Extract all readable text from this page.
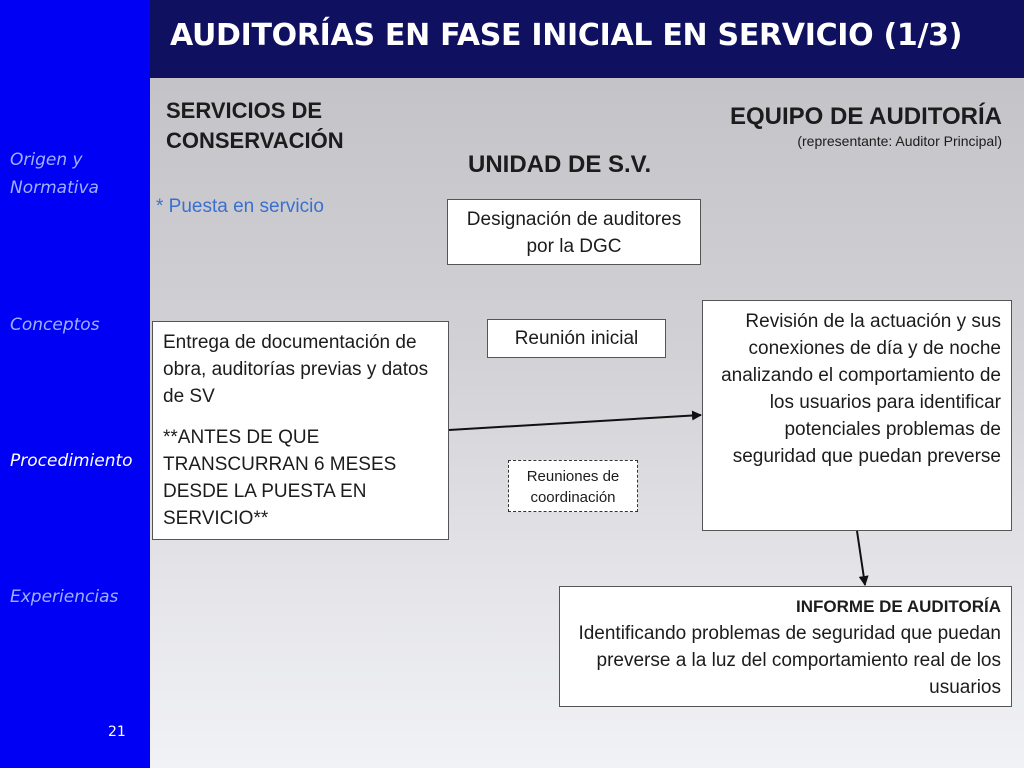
Origen y Normativa
Conceptos
Procedimiento
Experiencias
21
AUDITORÍAS EN FASE INICIAL EN SERVICIO (1/3)
SERVICIOS DE
CONSERVACIÓN
UNIDAD DE S.V.
EQUIPO DE AUDITORÍA
(representante: Auditor Principal)
* Puesta en servicio
Designación de auditores por la DGC
Reunión inicial
Entrega de documentación de obra, auditorías previas y datos de SV
**ANTES DE QUE TRANSCURRAN 6 MESES DESDE LA PUESTA EN SERVICIO**
Reuniones de coordinación
Revisión de la actuación y sus conexiones de día y de noche analizando el comportamiento de los usuarios para identificar potenciales problemas de seguridad que puedan preverse
INFORME DE AUDITORÍA
Identificando problemas de seguridad que puedan preverse a la luz del comportamiento real de los usuarios
